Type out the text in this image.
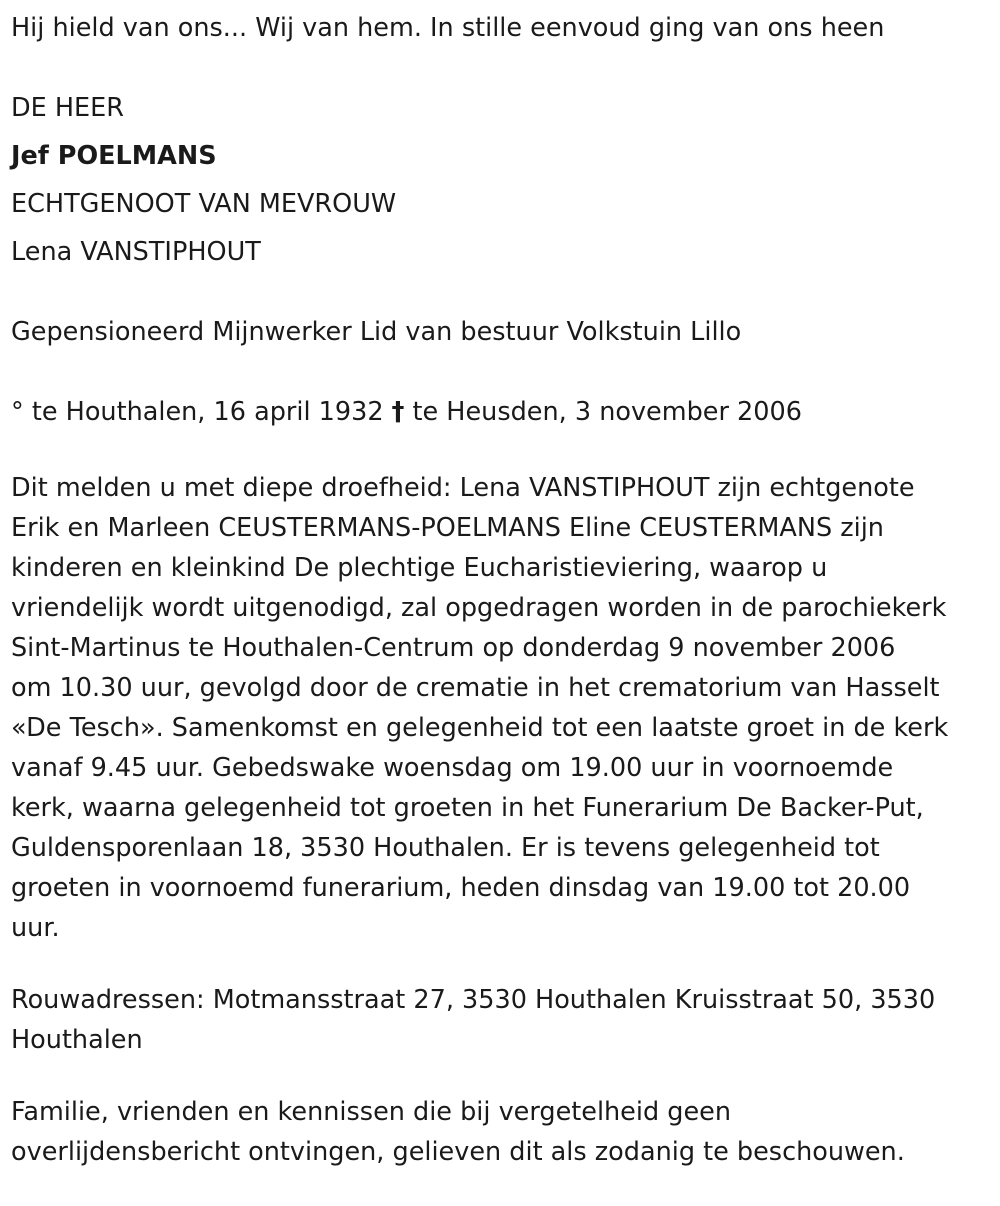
Hij hield van ons... Wij van hem. In stille eenvoud ging van ons heen
DE HEER
Jef POELMANS
ECHTGENOOT VAN MEVROUW
Lena VANSTIPHOUT
Gepensioneerd Mijnwerker Lid van bestuur Volkstuin Lillo
° te Houthalen, 16 april 1932 † te Heusden, 3 november 2006
Dit melden u met diepe droefheid: Lena VANSTIPHOUT zijn echtgenote
Erik en Marleen CEUSTERMANS-POELMANS Eline CEUSTERMANS zijn
kinderen en kleinkind De plechtige Eucharistieviering, waarop u
vriendelijk wordt uitgenodigd, zal opgedragen worden in de parochiekerk
Sint-Martinus te Houthalen-Centrum op donderdag 9 november 2006
om 10.30 uur, gevolgd door de crematie in het crematorium van Hasselt
«De Tesch». Samenkomst en gelegenheid tot een laatste groet in de kerk
vanaf 9.45 uur. Gebedswake woensdag om 19.00 uur in voornoemde
kerk, waarna gelegenheid tot groeten in het Funerarium De Backer-Put,
Guldensporenlaan 18, 3530 Houthalen. Er is tevens gelegenheid tot
groeten in voornoemd funerarium, heden dinsdag van 19.00 tot 20.00
uur.
Rouwadressen: Motmansstraat 27, 3530 Houthalen Kruisstraat 50, 3530
Houthalen
Familie, vrienden en kennissen die bij vergetelheid geen
overlijdensbericht ontvingen, gelieven dit als zodanig te beschouwen.
